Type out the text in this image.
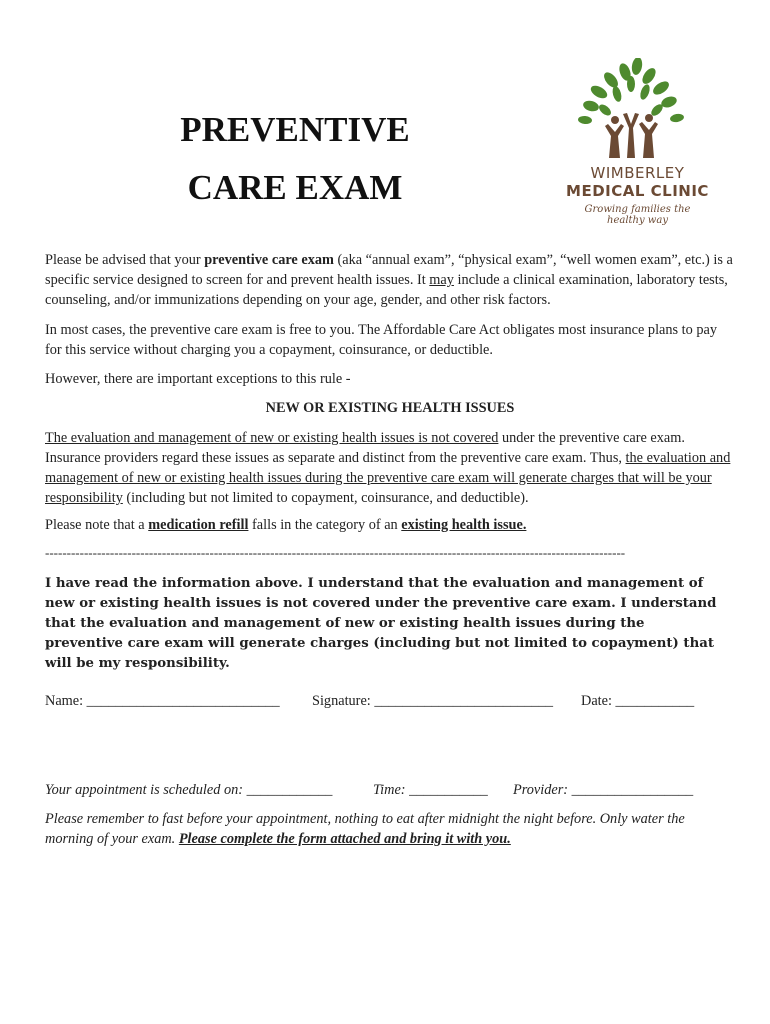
PREVENTIVE
CARE EXAM	WIMBERLEY
MEDICAL CLINIC
Growing families the healthy way
Please be advised that your preventive care exam (aka “annual exam”, “physical exam”, “well women exam”, etc.) is a specific service designed to screen for and prevent health issues. It may include a clinical examination, laboratory tests, counseling, and/or immunizations depending on your age, gender, and other risk factors.
In most cases, the preventive care exam is free to you. The Affordable Care Act obligates most insurance plans to pay for this service without charging you a copayment, coinsurance, or deductible.
However, there are important exceptions to this rule -
NEW OR EXISTING HEALTH ISSUES
The evaluation and management of new or existing health issues is not covered under the preventive care exam. Insurance providers regard these issues as separate and distinct from the preventive care exam. Thus, the evaluation and management of new or existing health issues during the preventive care exam will generate charges that will be your responsibility (including but not limited to copayment, coinsurance, and deductible).
Please note that a medication refill falls in the category of an existing health issue.
--------------------------------------------------------------------------------------------------------------------------------------
I have read the information above. I understand that the evaluation and management of new or existing health issues is not covered under the preventive care exam. I understand that the evaluation and management of new or existing health issues during the preventive care exam will generate charges (including but not limited to copayment) that will be my responsibility.
Name: ___________________________ Signature: _________________________ Date: ___________
Your appointment is scheduled on: ____________	Time: ___________ Provider: _________________
Please remember to fast before your appointment, nothing to eat after midnight the night before. Only water the morning of your exam. Please complete the form attached and bring it with you.
